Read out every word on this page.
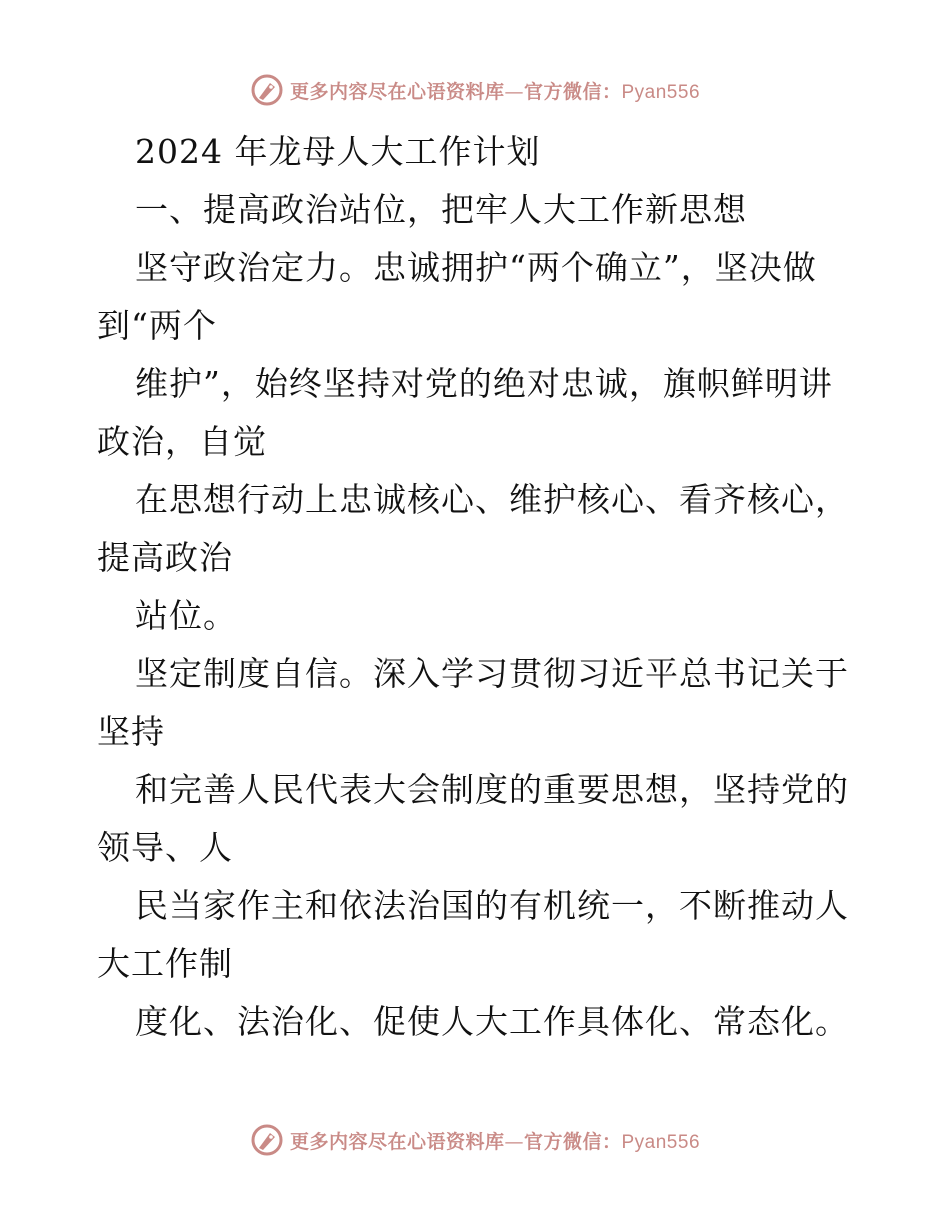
更多内容尽在心语资料库—官方微信：Pyan556
2024 年龙母人大工作计划
一、提高政治站位，把牢人大工作新思想
坚守政治定力。忠诚拥护“两个确立”，坚决做
到“两个
维护”，始终坚持对党的绝对忠诚，旗帜鲜明讲
政治，自觉
在思想行动上忠诚核心、维护核心、看齐核心，
提高政治
站位。
坚定制度自信。深入学习贯彻习近平总书记关于
坚持
和完善人民代表大会制度的重要思想，坚持党的
领导、人
民当家作主和依法治国的有机统一，不断推动人
大工作制
度化、法治化、促使人大工作具体化、常态化。
更多内容尽在心语资料库—官方微信：Pyan556
